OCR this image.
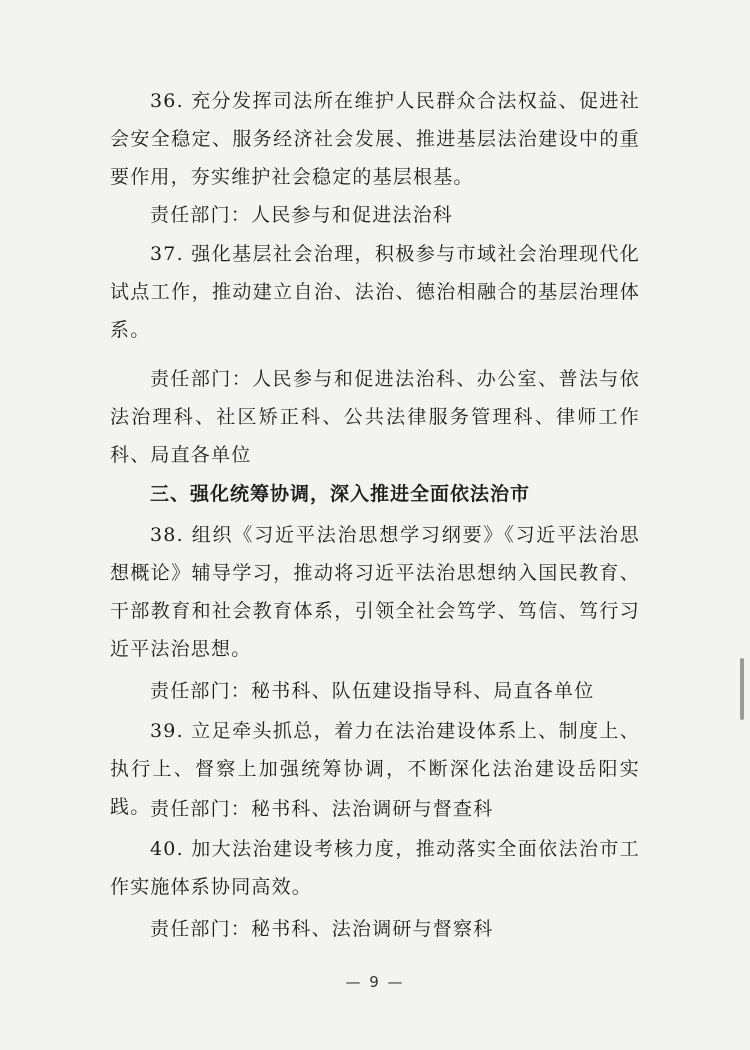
36. 充分发挥司法所在维护人民群众合法权益、促进社会安全稳定、服务经济社会发展、推进基层法治建设中的重要作用，夯实维护社会稳定的基层根基。

责任部门：人民参与和促进法治科

37. 强化基层社会治理，积极参与市域社会治理现代化试点工作，推动建立自治、法治、德治相融合的基层治理体系。

责任部门：人民参与和促进法治科、办公室、普法与依法治理科、社区矫正科、公共法律服务管理科、律师工作科、局直各单位

三、强化统筹协调，深入推进全面依法治市

38. 组织《习近平法治思想学习纲要》《习近平法治思想概论》辅导学习，推动将习近平法治思想纳入国民教育、干部教育和社会教育体系，引领全社会笃学、笃信、笃行习近平法治思想。

责任部门：秘书科、队伍建设指导科、局直各单位

39. 立足牵头抓总，着力在法治建设体系上、制度上、执行上、督察上加强统筹协调，不断深化法治建设岳阳实践。 责任部门：秘书科、法治调研与督查科

40. 加大法治建设考核力度，推动落实全面依法治市工作实施体系协同高效。

责任部门：秘书科、法治调研与督察科

— 9 —
